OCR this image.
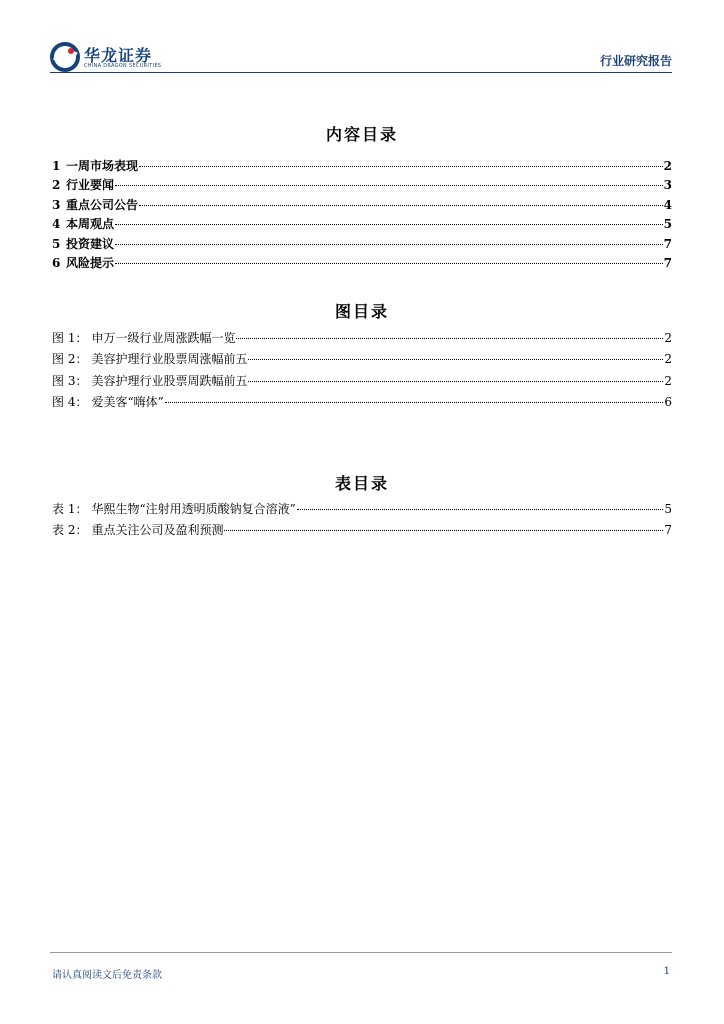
华龙证券
CHINA DRAGON SECURITIES	行业研究报告
内容目录
1 一周市场表现	2
2 行业要闻	3
3 重点公司公告	4
4 本周观点	5
5 投资建议	7
6 风险提示	7
图目录
图 1： 申万一级行业周涨跌幅一览	2
图 2： 美容护理行业股票周涨幅前五	2
图 3： 美容护理行业股票周跌幅前五	2
图 4： 爱美客“嗨体”	6
表目录
表 1： 华熙生物“注射用透明质酸钠复合溶液”	5
表 2： 重点关注公司及盈利预测	7
请认真阅读文后免责条款	1
